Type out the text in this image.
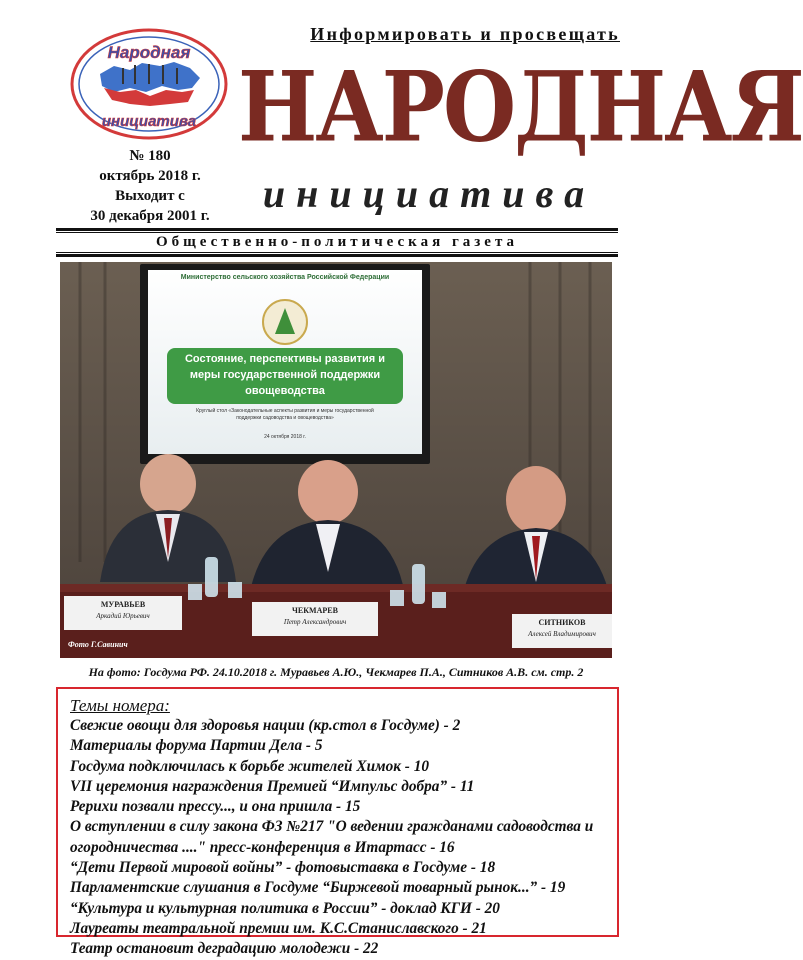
Народная
инициатива
№ 180
октябрь 2018 г.
Выходит с
30 декабря 2001 г.
Информировать и просвещать
НАРОДНАЯ
инициатива
Общественно-политическая газета
Министерство сельского хозяйства Российской Федерации
Состояние, перспективы развития и меры государственной поддержки овощеводства
Круглый стол «Законодательные аспекты развития и меры государственной поддержки садоводства и овощеводства»
24 октября 2018 г.
МУРАВЬЕВ
Аркадий Юрьевич
ЧЕКМАРЕВ
Петр Александрович	СИТНИКОВ
Алексей Владимирович
Фото Г.Савинич
На фото: Госдума РФ. 24.10.2018 г. Муравьев А.Ю., Чекмарев П.А., Ситников А.В. см. стр. 2
Темы номера:
Свежие овощи для здоровья нации (кр.стол в Госдуме) - 2
Материалы форума Партии Дела - 5
Госдума подключилась к борьбе жителей Химок - 10
VII церемония награждения Премией “Импульс добра” - 11
Рерихи позвали прессу..., и она пришла - 15
О вступлении в силу закона ФЗ №217 "О ведении гражданами садоводства и огородничества ...." пресс-конференция в Итартасс - 16
“Дети Первой мировой войны” - фотовыставка в Госдуме - 18
Парламентские слушания в Госдуме “Биржевой товарный рынок...” - 19
“Культура и культурная политика в России” - доклад КГИ - 20
Лауреаты театральной премии им. К.С.Станиславского - 21
Театр остановит деградацию молодежи - 22
